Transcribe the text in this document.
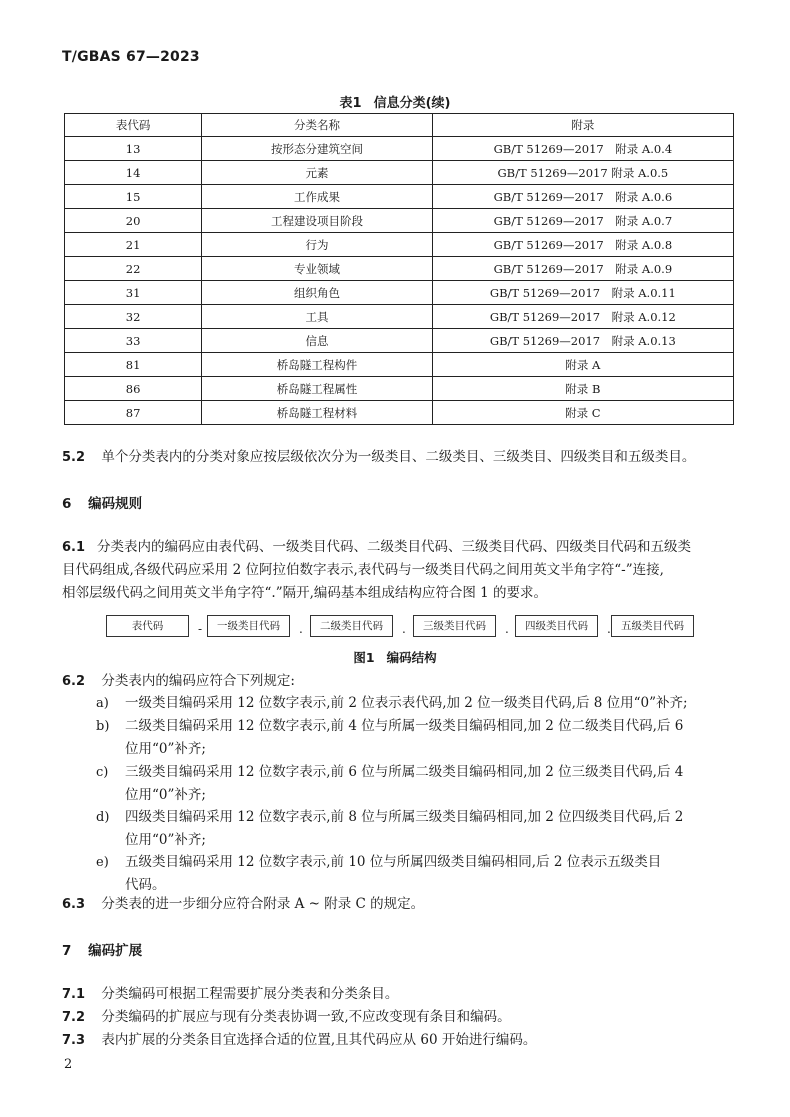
T/GBAS 67—2023
表1 信息分类(续)
表代码	分类名称	附录
13	按形态分建筑空间	GB/T 51269—2017　附录 A.0.4
14	元素	GB/T 51269—2017 附录 A.0.5
15	工作成果	GB/T 51269—2017　附录 A.0.6
20	工程建设项目阶段	GB/T 51269—2017　附录 A.0.7
21	行为	GB/T 51269—2017　附录 A.0.8
22	专业领域	GB/T 51269—2017　附录 A.0.9
31	组织角色	GB/T 51269—2017　附录 A.0.11
32	工具	GB/T 51269—2017　附录 A.0.12
33	信息	GB/T 51269—2017　附录 A.0.13
81	桥岛隧工程构件	附录 A
86	桥岛隧工程属性	附录 B
87	桥岛隧工程材料	附录 C
5.2 单个分类表内的分类对象应按层级依次分为一级类目、二级类目、三级类目、四级类目和五级类目。
6 编码规则
6.1 分类表内的编码应由表代码、一级类目代码、二级类目代码、三级类目代码、四级类目代码和五级类
目代码组成,各级代码应采用 2 位阿拉伯数字表示,表代码与一级类目代码之间用英文半角字符“-”连接,
相邻层级代码之间用英文半角字符“.”隔开,编码基本组成结构应符合图 1 的要求。
表代码	-	一级类目代码	.	二级类目代码	.	三级类目代码	.	四级类目代码	. 五级类目代码
图1 编码结构
6.2 分类表内的编码应符合下列规定:
a) 一级类目编码采用 12 位数字表示,前 2 位表示表代码,加 2 位一级类目代码,后 8 位用“0”补齐;
b) 二级类目编码采用 12 位数字表示,前 4 位与所属一级类目编码相同,加 2 位二级类目代码,后 6
位用“0”补齐;
c) 三级类目编码采用 12 位数字表示,前 6 位与所属二级类目编码相同,加 2 位三级类目代码,后 4
位用“0”补齐;
d) 四级类目编码采用 12 位数字表示,前 8 位与所属三级类目编码相同,加 2 位四级类目代码,后 2
位用“0”补齐;
e) 五级类目编码采用 12 位数字表示,前 10 位与所属四级类目编码相同,后 2 位表示五级类目
代码。
6.3 分类表的进一步细分应符合附录 A ~ 附录 C 的规定。
7 编码扩展
7.1 分类编码可根据工程需要扩展分类表和分类条目。
7.2 分类编码的扩展应与现有分类表协调一致,不应改变现有条目和编码。
7.3 表内扩展的分类条目宜选择合适的位置,且其代码应从 60 开始进行编码。
2
